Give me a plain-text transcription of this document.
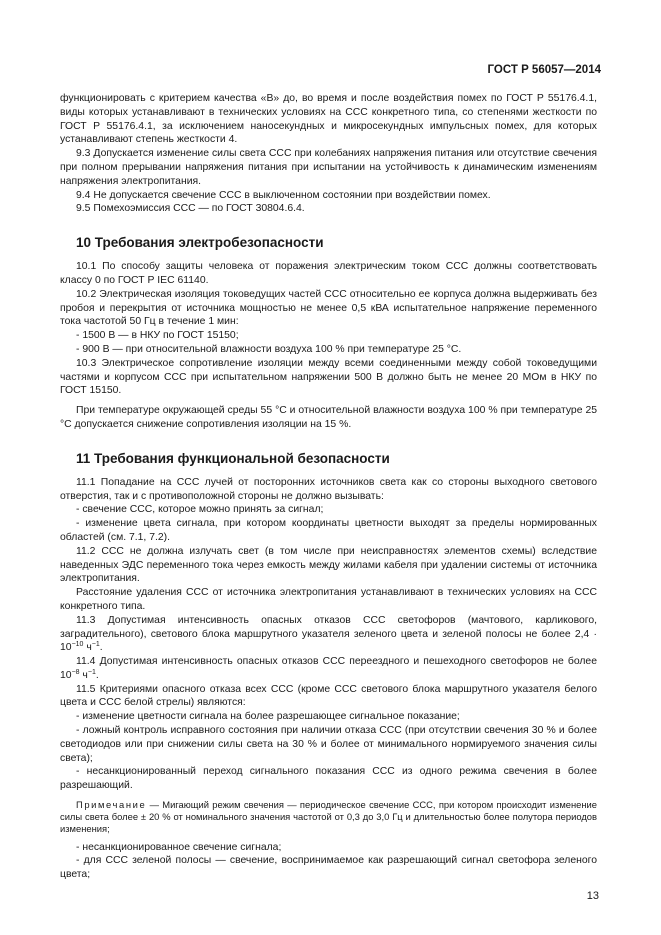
ГОСТ Р 56057—2014

функционировать с критерием качества «В» до, во время и после воздействия помех по ГОСТ Р 55176.4.1, виды которых устанавливают в технических условиях на ССС конкретного типа, со степенями жесткости по ГОСТ Р 55176.4.1, за исключением наносекундных и микросекундных импульсных помех, для которых устанавливают степень жесткости 4.

9.3 Допускается изменение силы света ССС при колебаниях напряжения питания или отсутствие свечения при полном прерывании напряжения питания при испытании на устойчивость к динамическим изменениям напряжения электропитания.

9.4 Не допускается свечение ССС в выключенном состоянии при воздействии помех.

9.5 Помехоэмиссия ССС — по ГОСТ 30804.6.4.

10 Требования электробезопасности

10.1 По способу защиты человека от поражения электрическим током ССС должны соответствовать классу 0 по ГОСТ Р IEC 61140.

10.2 Электрическая изоляция токоведущих частей ССС относительно ее корпуса должна выдерживать без пробоя и перекрытия от источника мощностью не менее 0,5 кВА испытательное напряжение переменного тока частотой 50 Гц в течение 1 мин:

- 1500 В — в НКУ по ГОСТ 15150;

- 900 В — при относительной влажности воздуха 100 % при температуре 25 °С.

10.3 Электрическое сопротивление изоляции между всеми соединенными между собой токоведущими частями и корпусом ССС при испытательном напряжении 500 В должно быть не менее 20 МОм в НКУ по ГОСТ 15150.

При температуре окружающей среды 55 °С и относительной влажности воздуха 100 % при температуре 25 °С допускается снижение сопротивления изоляции на 15 %.

11 Требования функциональной безопасности

11.1 Попадание на ССС лучей от посторонних источников света как со стороны выходного светового отверстия, так и с противоположной стороны не должно вызывать:

- свечение ССС, которое можно принять за сигнал;

- изменение цвета сигнала, при котором координаты цветности выходят за пределы нормированных областей (см. 7.1, 7.2).

11.2 ССС не должна излучать свет (в том числе при неисправностях элементов схемы) вследствие наведенных ЭДС переменного тока через емкость между жилами кабеля при удалении системы от источника электропитания.

Расстояние удаления ССС от источника электропитания устанавливают в технических условиях на ССС конкретного типа.

11.3 Допустимая интенсивность опасных отказов ССС светофоров (мачтового, карликового, заградительного), светового блока маршрутного указателя зеленого цвета и зеленой полосы не более $2,4 \cdot 10^{-10}$ $ч^{-1}$.

11.4 Допустимая интенсивность опасных отказов ССС переездного и пешеходного светофоров не более $10^{-8}$ $ч^{-1}$.

11.5 Критериями опасного отказа всех ССС (кроме ССС светового блока маршрутного указателя белого цвета и ССС белой стрелы) являются:

- изменение цветности сигнала на более разрешающее сигнальное показание;

- ложный контроль исправного состояния при наличии отказа ССС (при отсутствии свечения 30 % и более светодиодов или при снижении силы света на 30 % и более от минимального нормируемого значения силы света);

- несанкционированный переход сигнального показания ССС из одного режима свечения в более разрешающий.

Примечание — Мигающий режим свечения — периодическое свечение ССС, при котором происходит изменение силы света более ± 20 % от номинального значения частотой от 0,3 до 3,0 Гц и длительностью более полутора периодов изменения;

- несанкционированное свечение сигнала;

- для ССС зеленой полосы — свечение, воспринимаемое как разрешающий сигнал светофора зеленого цвета;

13
